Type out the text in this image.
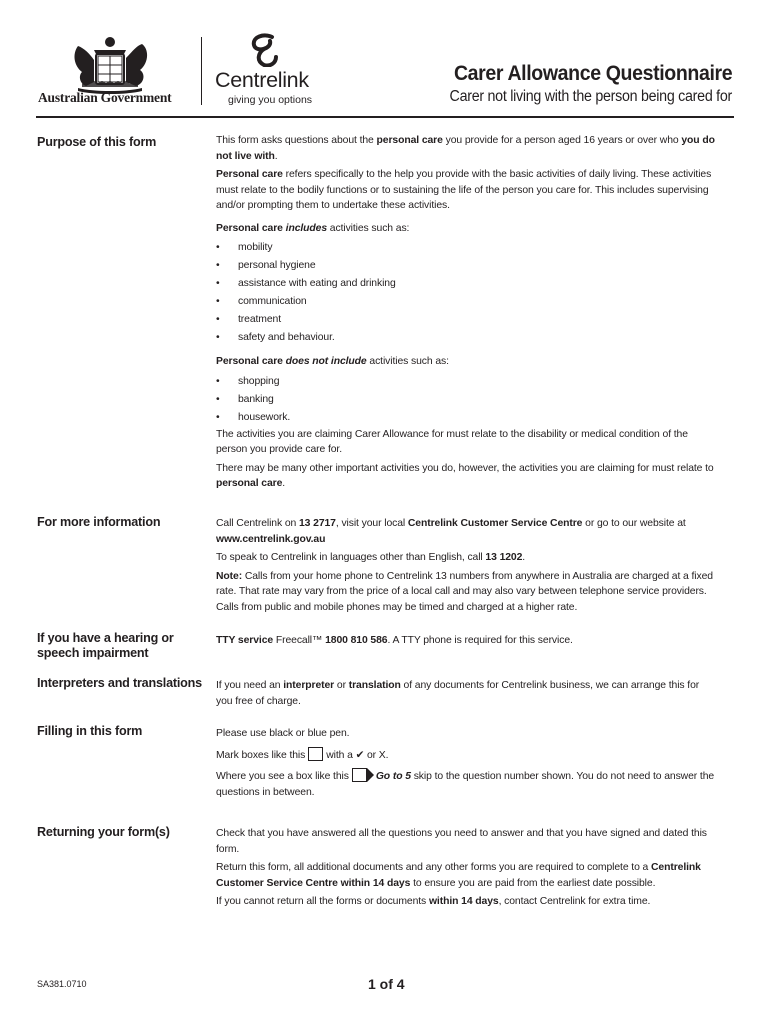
Australian Government
Centrelink
giving you options
Carer Allowance Questionnaire
Carer not living with the person being cared for
Purpose of this form	This form asks questions about the personal care you provide for a person aged 16 years or over who you do not live with.

Personal care refers specifically to the help you provide with the basic activities of daily living. These activities must relate to the bodily functions or to sustaining the life of the person you care for. This includes supervising and/or prompting them to undertake these activities.

Personal care includes activities such as:

• mobility
• personal hygiene
• assistance with eating and drinking
• communication
• treatment
• safety and behaviour.

Personal care does not include activities such as:

• shopping
• banking
• housework.

The activities you are claiming Carer Allowance for must relate to the disability or medical condition of the person you provide care for.

There may be many other important activities you do, however, the activities you are claiming for must relate to personal care.

For more information	Call Centrelink on 13 2717, visit your local Centrelink Customer Service Centre or go to our website at www.centrelink.gov.au

To speak to Centrelink in languages other than English, call 13 1202.

Note: Calls from your home phone to Centrelink 13 numbers from anywhere in Australia are charged at a fixed rate. That rate may vary from the price of a local call and may also vary between telephone service providers. Calls from public and mobile phones may be timed and charged at a higher rate.

If you have a hearing or speech impairment

TTY service Freecall™ 1800 810 586. A TTY phone is required for this service.

Interpreters and translations If you need an interpreter or translation of any documents for Centrelink business, we can arrange this for you free of charge.

Filling in this form	Please use black or blue pen.

Mark boxes like this with a ✔ or X.

Where you see a box like this	Go to 5 skip to the question number shown. You do not need to answer the questions in between.

Returning your form(s)	Check that you have answered all the questions you need to answer and that you have signed and dated this form.

Return this form, all additional documents and any other forms you are required to complete to a Centrelink Customer Service Centre within 14 days to ensure you are paid from the earliest date possible.

If you cannot return all the forms or documents within 14 days, contact Centrelink for extra time.

SA381.0710	1 of 4
